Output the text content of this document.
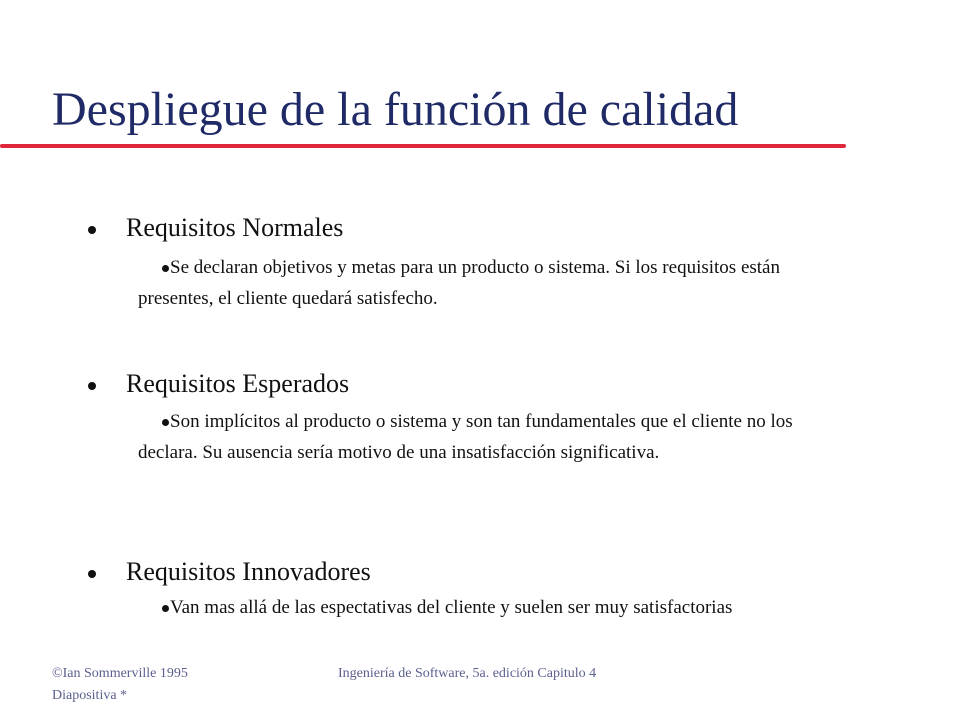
Despliegue de la función de calidad
Requisitos Normales
Se declaran objetivos y metas para un producto o sistema. Si los requisitos están presentes, el cliente quedará satisfecho.
Requisitos Esperados
Son implícitos al producto o sistema y son tan fundamentales que el cliente no los declara. Su ausencia sería motivo de una insatisfacción significativa.
Requisitos Innovadores
Van mas allá de las espectativas del cliente y suelen ser muy satisfactorias
©Ian Sommerville 1995
Diapositiva *
Ingeniería de Software, 5a. edición Capitulo 4
